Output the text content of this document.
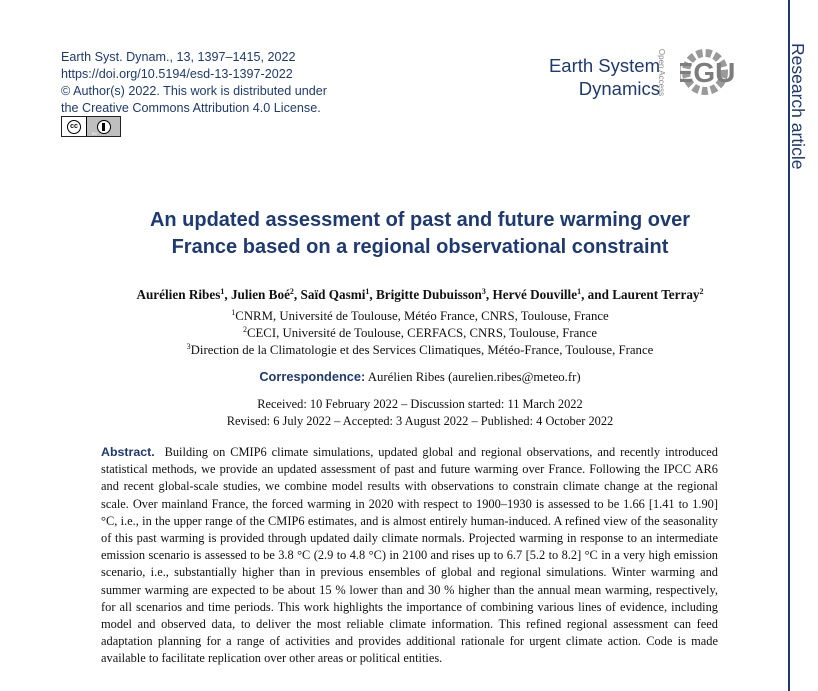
Earth Syst. Dynam., 13, 1397–1415, 2022
https://doi.org/10.5194/esd-13-1397-2022
© Author(s) 2022. This work is distributed under
the Creative Commons Attribution 4.0 License.
cc
BY
Earth System
Dynamics
Open Access EGU	Research article
An updated assessment of past and future warming over
France based on a regional observational constraint
Aurélien Ribes$^1$, Julien Boé$^2$, Saïd Qasmi$^1$, Brigitte Dubuisson$^3$, Hervé Douville$^1$, and Laurent Terray$^2$
$^1$CNRM, Université de Toulouse, Météo France, CNRS, Toulouse, France
$^2$CECI, Université de Toulouse, CERFACS, CNRS, Toulouse, France
$^3$Direction de la Climatologie et des Services Climatiques, Météo-France, Toulouse, France
Correspondence: Aurélien Ribes (aurelien.ribes@meteo.fr)
Received: 10 February 2022 – Discussion started: 11 March 2022
Revised: 6 July 2022 – Accepted: 3 August 2022 – Published: 4 October 2022
Abstract. Building on CMIP6 climate simulations, updated global and regional observations, and recently introduced statistical methods, we provide an updated assessment of past and future warming over France. Following the IPCC AR6 and recent global-scale studies, we combine model results with observations to constrain climate change at the regional scale. Over mainland France, the forced warming in 2020 with respect to 1900–1930 is assessed to be 1.66 [1.41 to 1.90] °C, i.e., in the upper range of the CMIP6 estimates, and is almost entirely human-induced. A refined view of the seasonality of this past warming is provided through updated daily climate normals. Projected warming in response to an intermediate emission scenario is assessed to be 3.8 °C (2.9 to 4.8 °C) in 2100 and rises up to 6.7 [5.2 to 8.2] °C in a very high emission scenario, i.e., substantially higher than in previous ensembles of global and regional simulations. Winter warming and summer warming are expected to be about 15 % lower than and 30 % higher than the annual mean warming, respectively, for all scenarios and time periods. This work highlights the importance of combining various lines of evidence, including model and observed data, to deliver the most reliable climate information. This refined regional assessment can feed adaptation planning for a range of activities and provides additional rationale for urgent climate action. Code is made available to facilitate replication over other areas or political entities.
